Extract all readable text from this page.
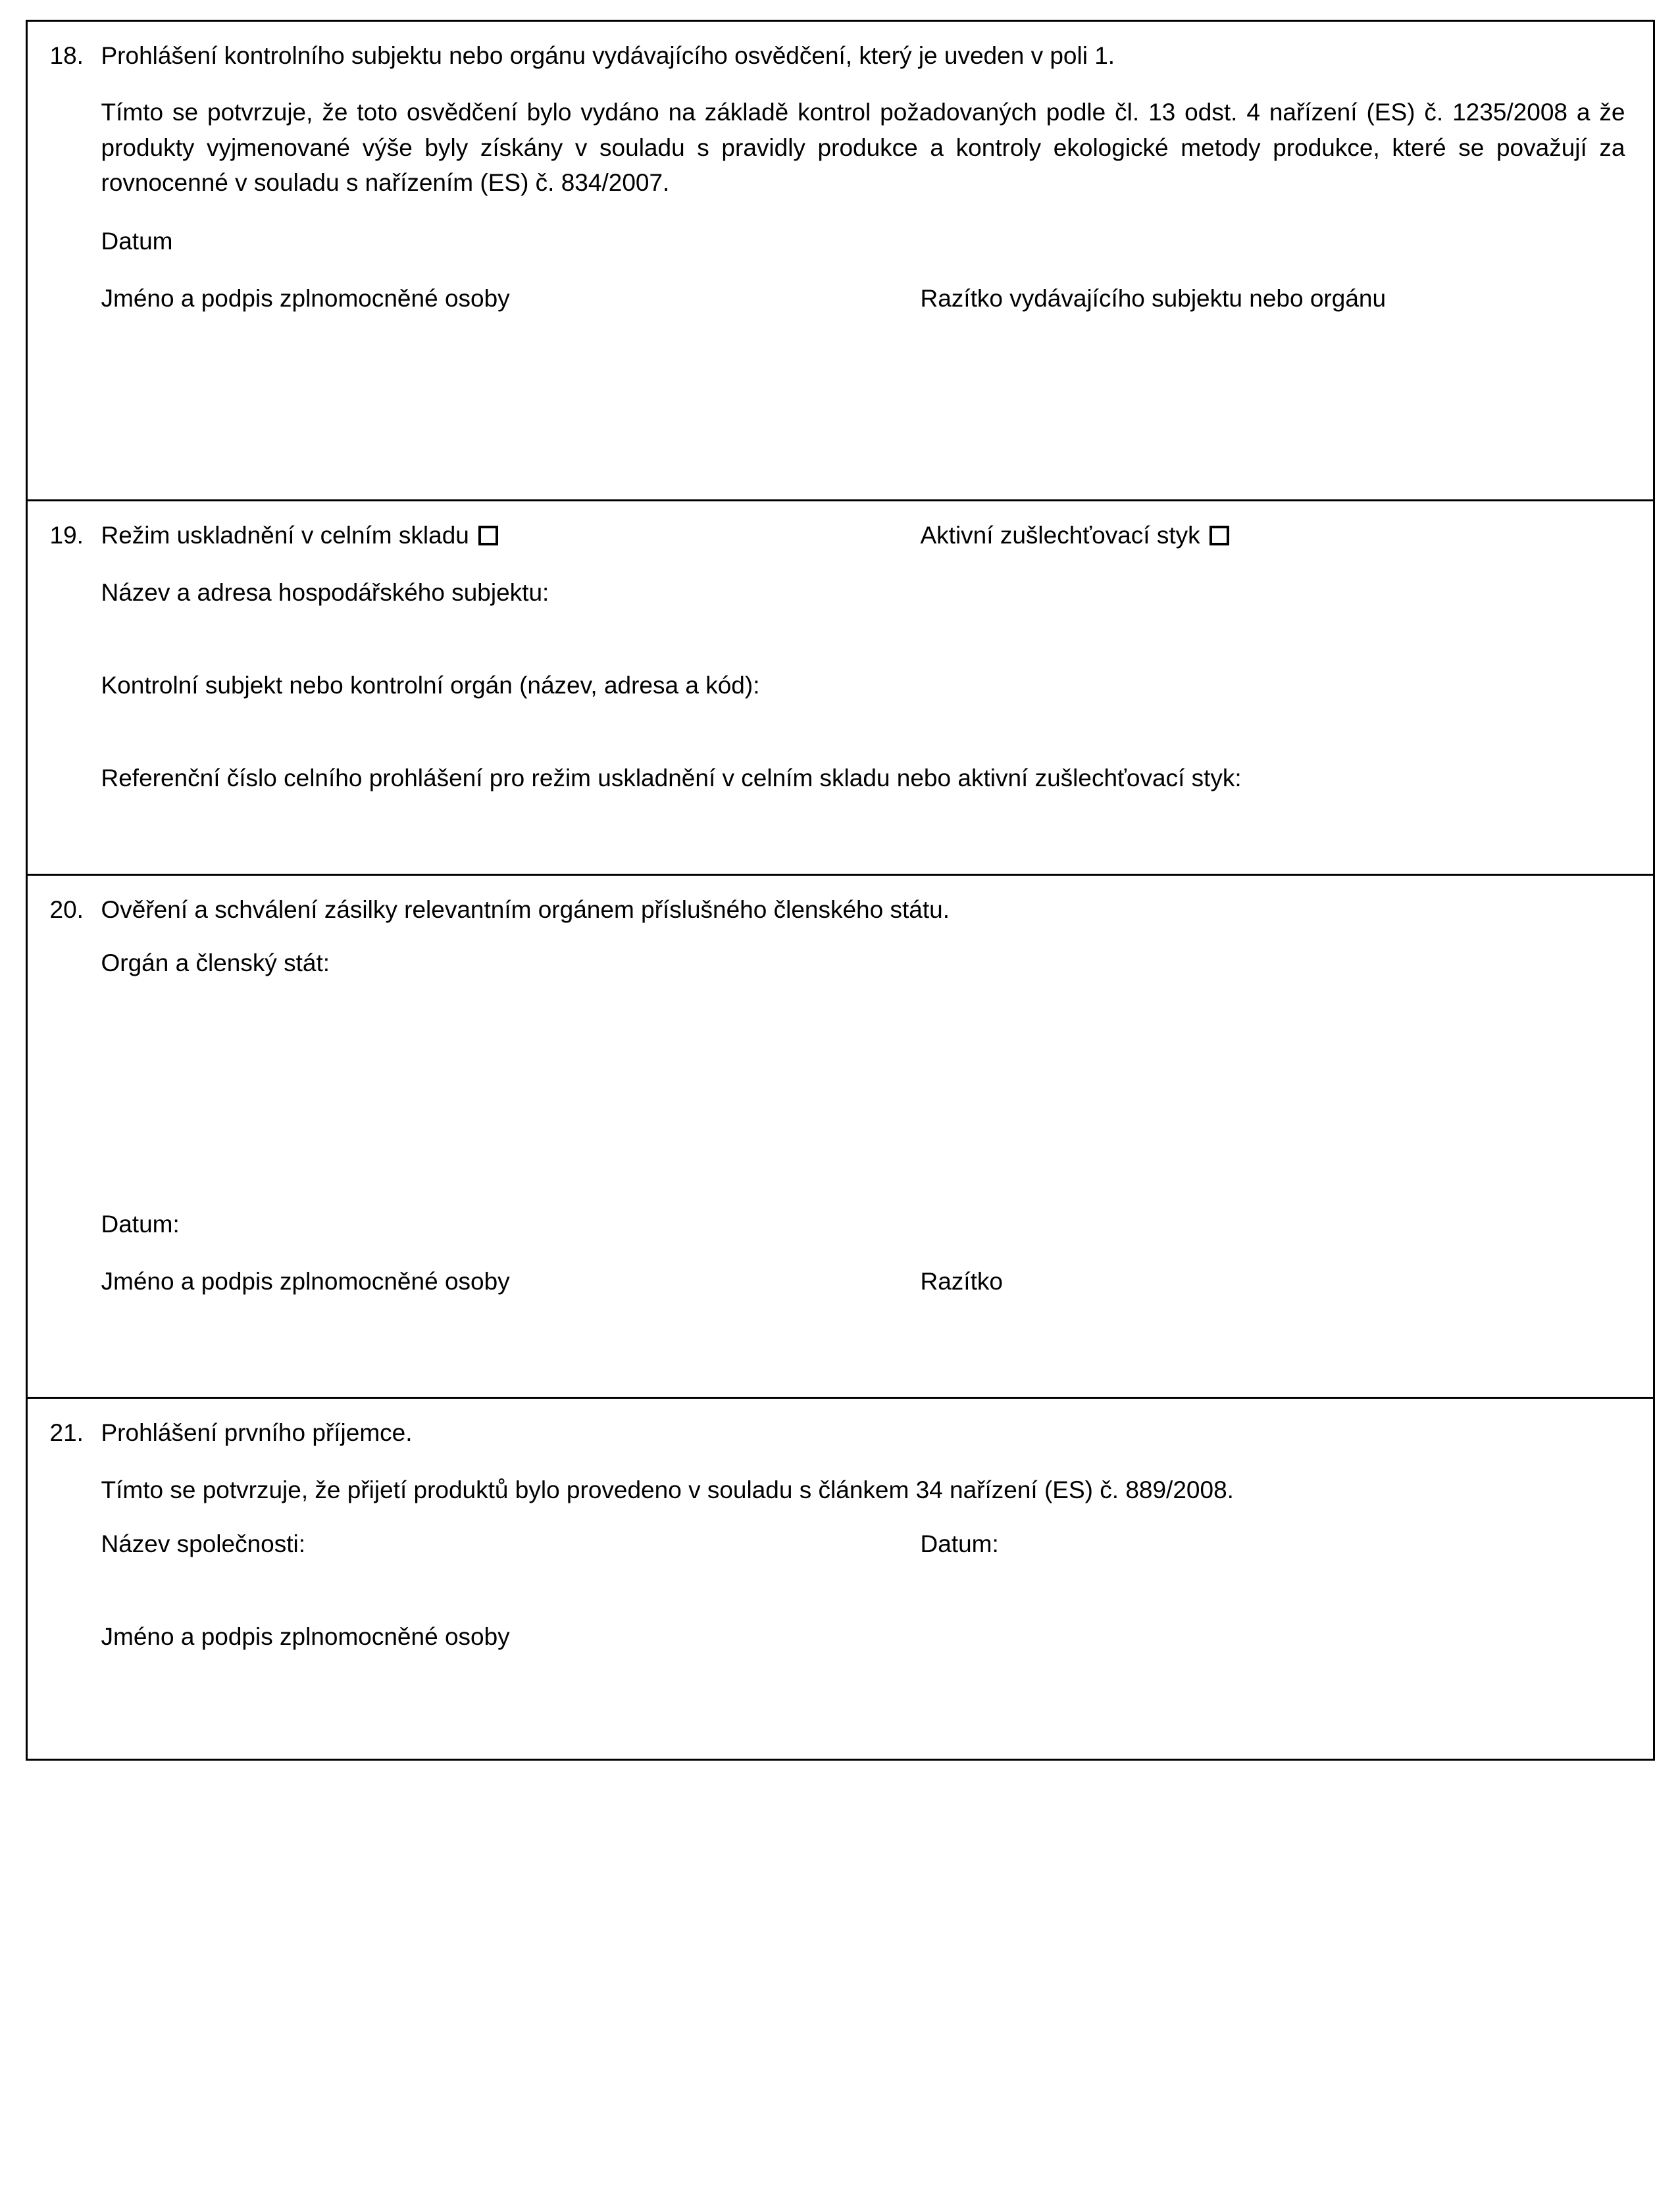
18. Prohlášení kontrolního subjektu nebo orgánu vydávajícího osvědčení, který je uveden v poli 1.
Tímto se potvrzuje, že toto osvědčení bylo vydáno na základě kontrol požadovaných podle čl. 13 odst. 4 nařízení (ES) č. 1235/2008 a že produkty vyjmenované výše byly získány v souladu s pravidly produkce a kontroly ekologické metody produkce, které se považují za rovnocenné v souladu s nařízením (ES) č. 834/2007.
Datum
Jméno a podpis zplnomocněné osoby	Razítko vydávajícího subjektu nebo orgánu
19. Režim uskladnění v celním skladu	Aktivní zušlechťovací styk
Název a adresa hospodářského subjektu:
Kontrolní subjekt nebo kontrolní orgán (název, adresa a kód):
Referenční číslo celního prohlášení pro režim uskladnění v celním skladu nebo aktivní zušlechťovací styk:
20. Ověření a schválení zásilky relevantním orgánem příslušného členského státu.
Orgán a členský stát:
Datum:
Jméno a podpis zplnomocněné osoby	Razítko
21. Prohlášení prvního příjemce.
Tímto se potvrzuje, že přijetí produktů bylo provedeno v souladu s článkem 34 nařízení (ES) č. 889/2008.
Název společnosti:	Datum:
Jméno a podpis zplnomocněné osoby
